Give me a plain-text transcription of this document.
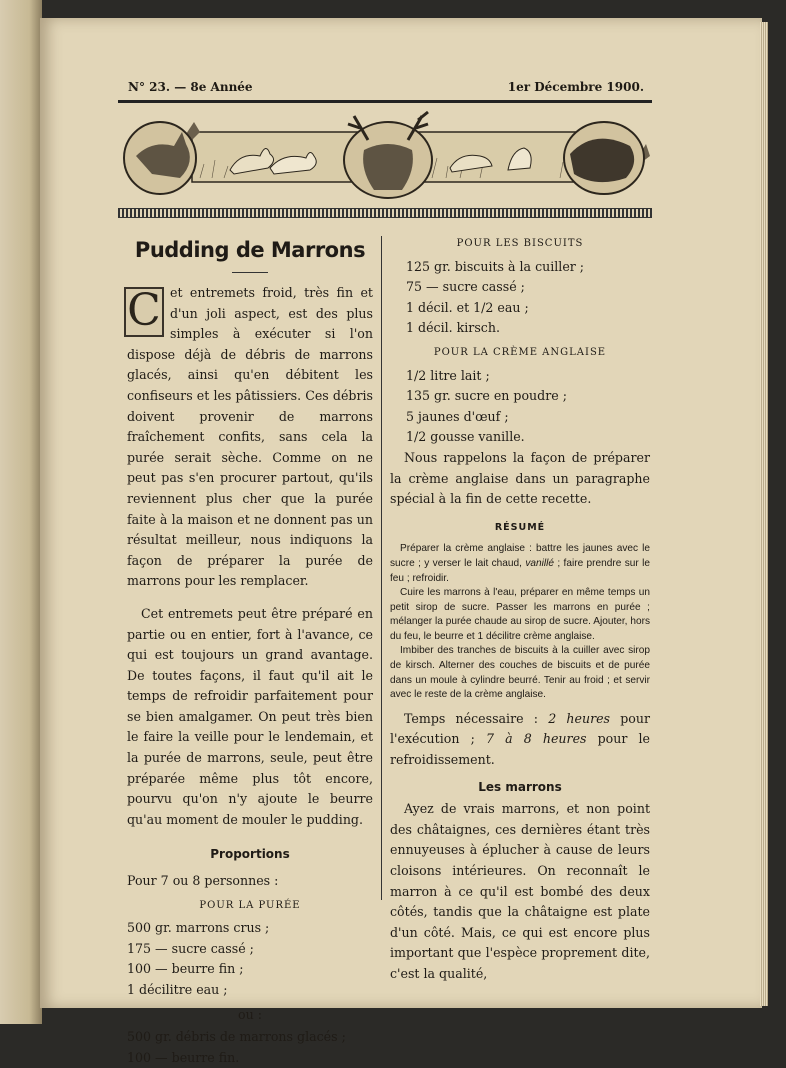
N° 23. — 8e Année	1er Décembre 1900.
Pudding de Marrons

C et entremets froid, très fin et d'un joli aspect, est des plus simples à exécuter si l'on dispose déjà de débris de marrons glacés, ainsi qu'en débitent les confiseurs et les pâtissiers. Ces débris doivent provenir de marrons fraîchement confits, sans cela la purée serait sèche. Comme on ne peut pas s'en procurer partout, qu'ils reviennent plus cher que la purée faite à la maison et ne donnent pas un résultat meilleur, nous indiquons la façon de préparer la purée de marrons pour les remplacer.

Cet entremets peut être préparé en partie ou en entier, fort à l'avance, ce qui est toujours un grand avantage. De toutes façons, il faut qu'il ait le temps de refroidir parfaitement pour se bien amalgamer. On peut très bien le faire la veille pour le lendemain, et la purée de marrons, seule, peut être préparée même plus tôt encore, pourvu qu'on n'y ajoute le beurre qu'au moment de mouler le pudding.

Proportions
Pour 7 ou 8 personnes :
POUR LA PURÉE
500 gr. marrons crus ;
175 — sucre cassé ;
100 — beurre fin ;
1 décilitre eau ;
ou :
500 gr. débris de marrons glacés ;
100 — beurre fin.
POUR LES BISCUITS
125 gr. biscuits à la cuiller ;
75 — sucre cassé ;
1 décil. et 1/2 eau ;
1 décil. kirsch.
POUR LA CRÈME ANGLAISE
1/2 litre lait ;
135 gr. sucre en poudre ;
5 jaunes d'œuf ;
1/2 gousse vanille.

Nous rappelons la façon de préparer la crème anglaise dans un paragraphe spécial à la fin de cette recette.

RÉSUMÉ

Préparer la crème anglaise : battre les jaunes avec le sucre ; y verser le lait chaud, vanillé ; faire prendre sur le feu ; refroidir.

Cuire les marrons à l'eau, préparer en même temps un petit sirop de sucre. Passer les marrons en purée ; mélanger la purée chaude au sirop de sucre. Ajouter, hors du feu, le beurre et 1 décilitre crème anglaise.

Imbiber des tranches de biscuits à la cuiller avec sirop de kirsch. Alterner des couches de biscuits et de purée dans un moule à cylindre beurré. Tenir au froid ; et servir avec le reste de la crème anglaise.

Temps nécessaire : 2 heures pour l'exécution ; 7 à 8 heures pour le refroidissement.

Les marrons

Ayez de vrais marrons, et non point des châtaignes, ces dernières étant très ennuyeuses à éplucher à cause de leurs cloisons intérieures. On reconnaît le marron à ce qu'il est bombé des deux côtés, tandis que la châtaigne est plate d'un côté. Mais, ce qui est encore plus important que l'espèce proprement dite, c'est la qualité,
